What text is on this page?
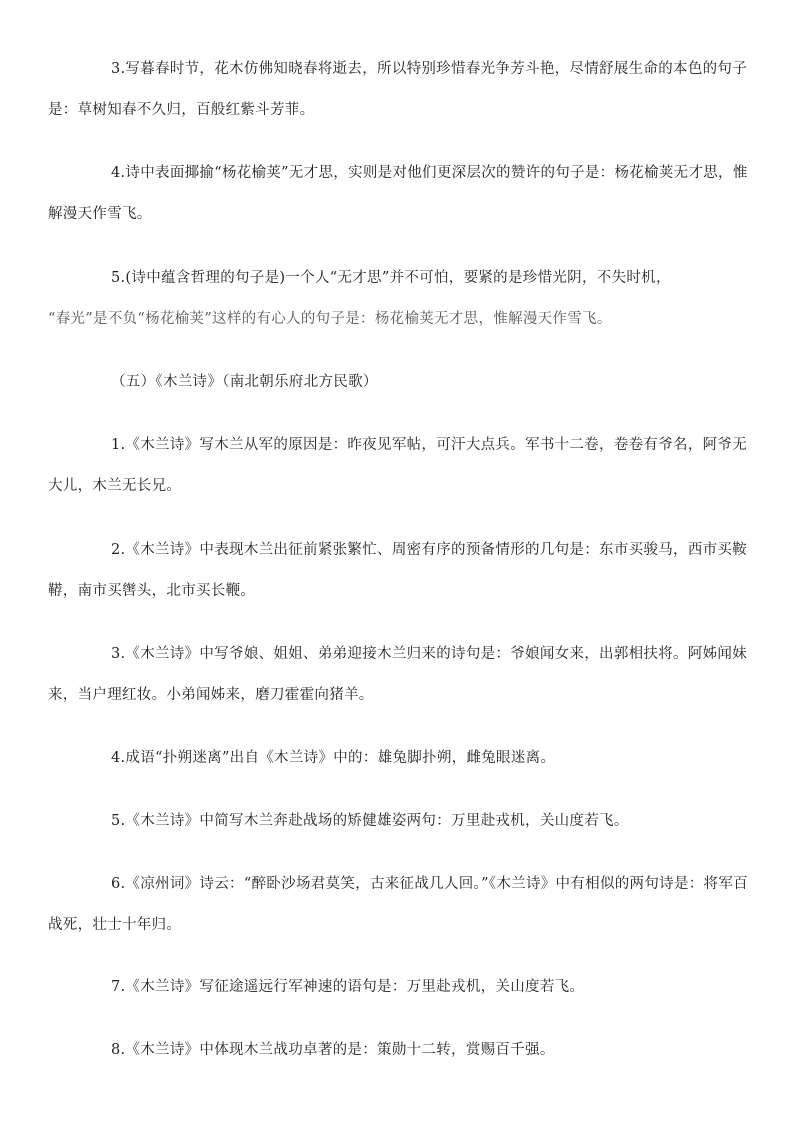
3.写暮春时节，花木仿佛知晓春将逝去，所以特别珍惜春光争芳斗艳，尽情舒展生命的本色的句子是：草树知春不久归，百般红紫斗芳菲。

4.诗中表面揶揄“杨花榆荚”无才思，实则是对他们更深层次的赞许的句子是：杨花榆荚无才思，惟解漫天作雪飞。

5.(诗中蕴含哲理的句子是)一个人“无才思”并不可怕，要紧的是珍惜光阴，不失时机，
“春光”是不负“杨花榆荚”这样的有心人的句子是：杨花榆荚无才思，惟解漫天作雪飞。

（五）《木兰诗》（南北朝乐府北方民歌）

1.《木兰诗》写木兰从军的原因是：昨夜见军帖，可汗大点兵。军书十二卷，卷卷有爷名，阿爷无大儿，木兰无长兄。

2.《木兰诗》中表现木兰出征前紧张繁忙、周密有序的预备情形的几句是：东市买骏马，西市买鞍鞯，南市买辔头，北市买长鞭。

3.《木兰诗》中写爷娘、姐姐、弟弟迎接木兰归来的诗句是：爷娘闻女来，出郭相扶将。阿姊闻妹来，当户理红妆。小弟闻姊来，磨刀霍霍向猪羊。

4.成语“扑朔迷离”出自《木兰诗》中的：雄兔脚扑朔，雌兔眼迷离。

5.《木兰诗》中简写木兰奔赴战场的矫健雄姿两句：万里赴戎机，关山度若飞。

6.《凉州词》诗云：“醉卧沙场君莫笑，古来征战几人回。”《木兰诗》中有相似的两句诗是：将军百战死，壮士十年归。

7.《木兰诗》写征途遥远行军神速的语句是：万里赴戎机，关山度若飞。

8.《木兰诗》中体现木兰战功卓著的是：策勋十二转，赏赐百千强。
